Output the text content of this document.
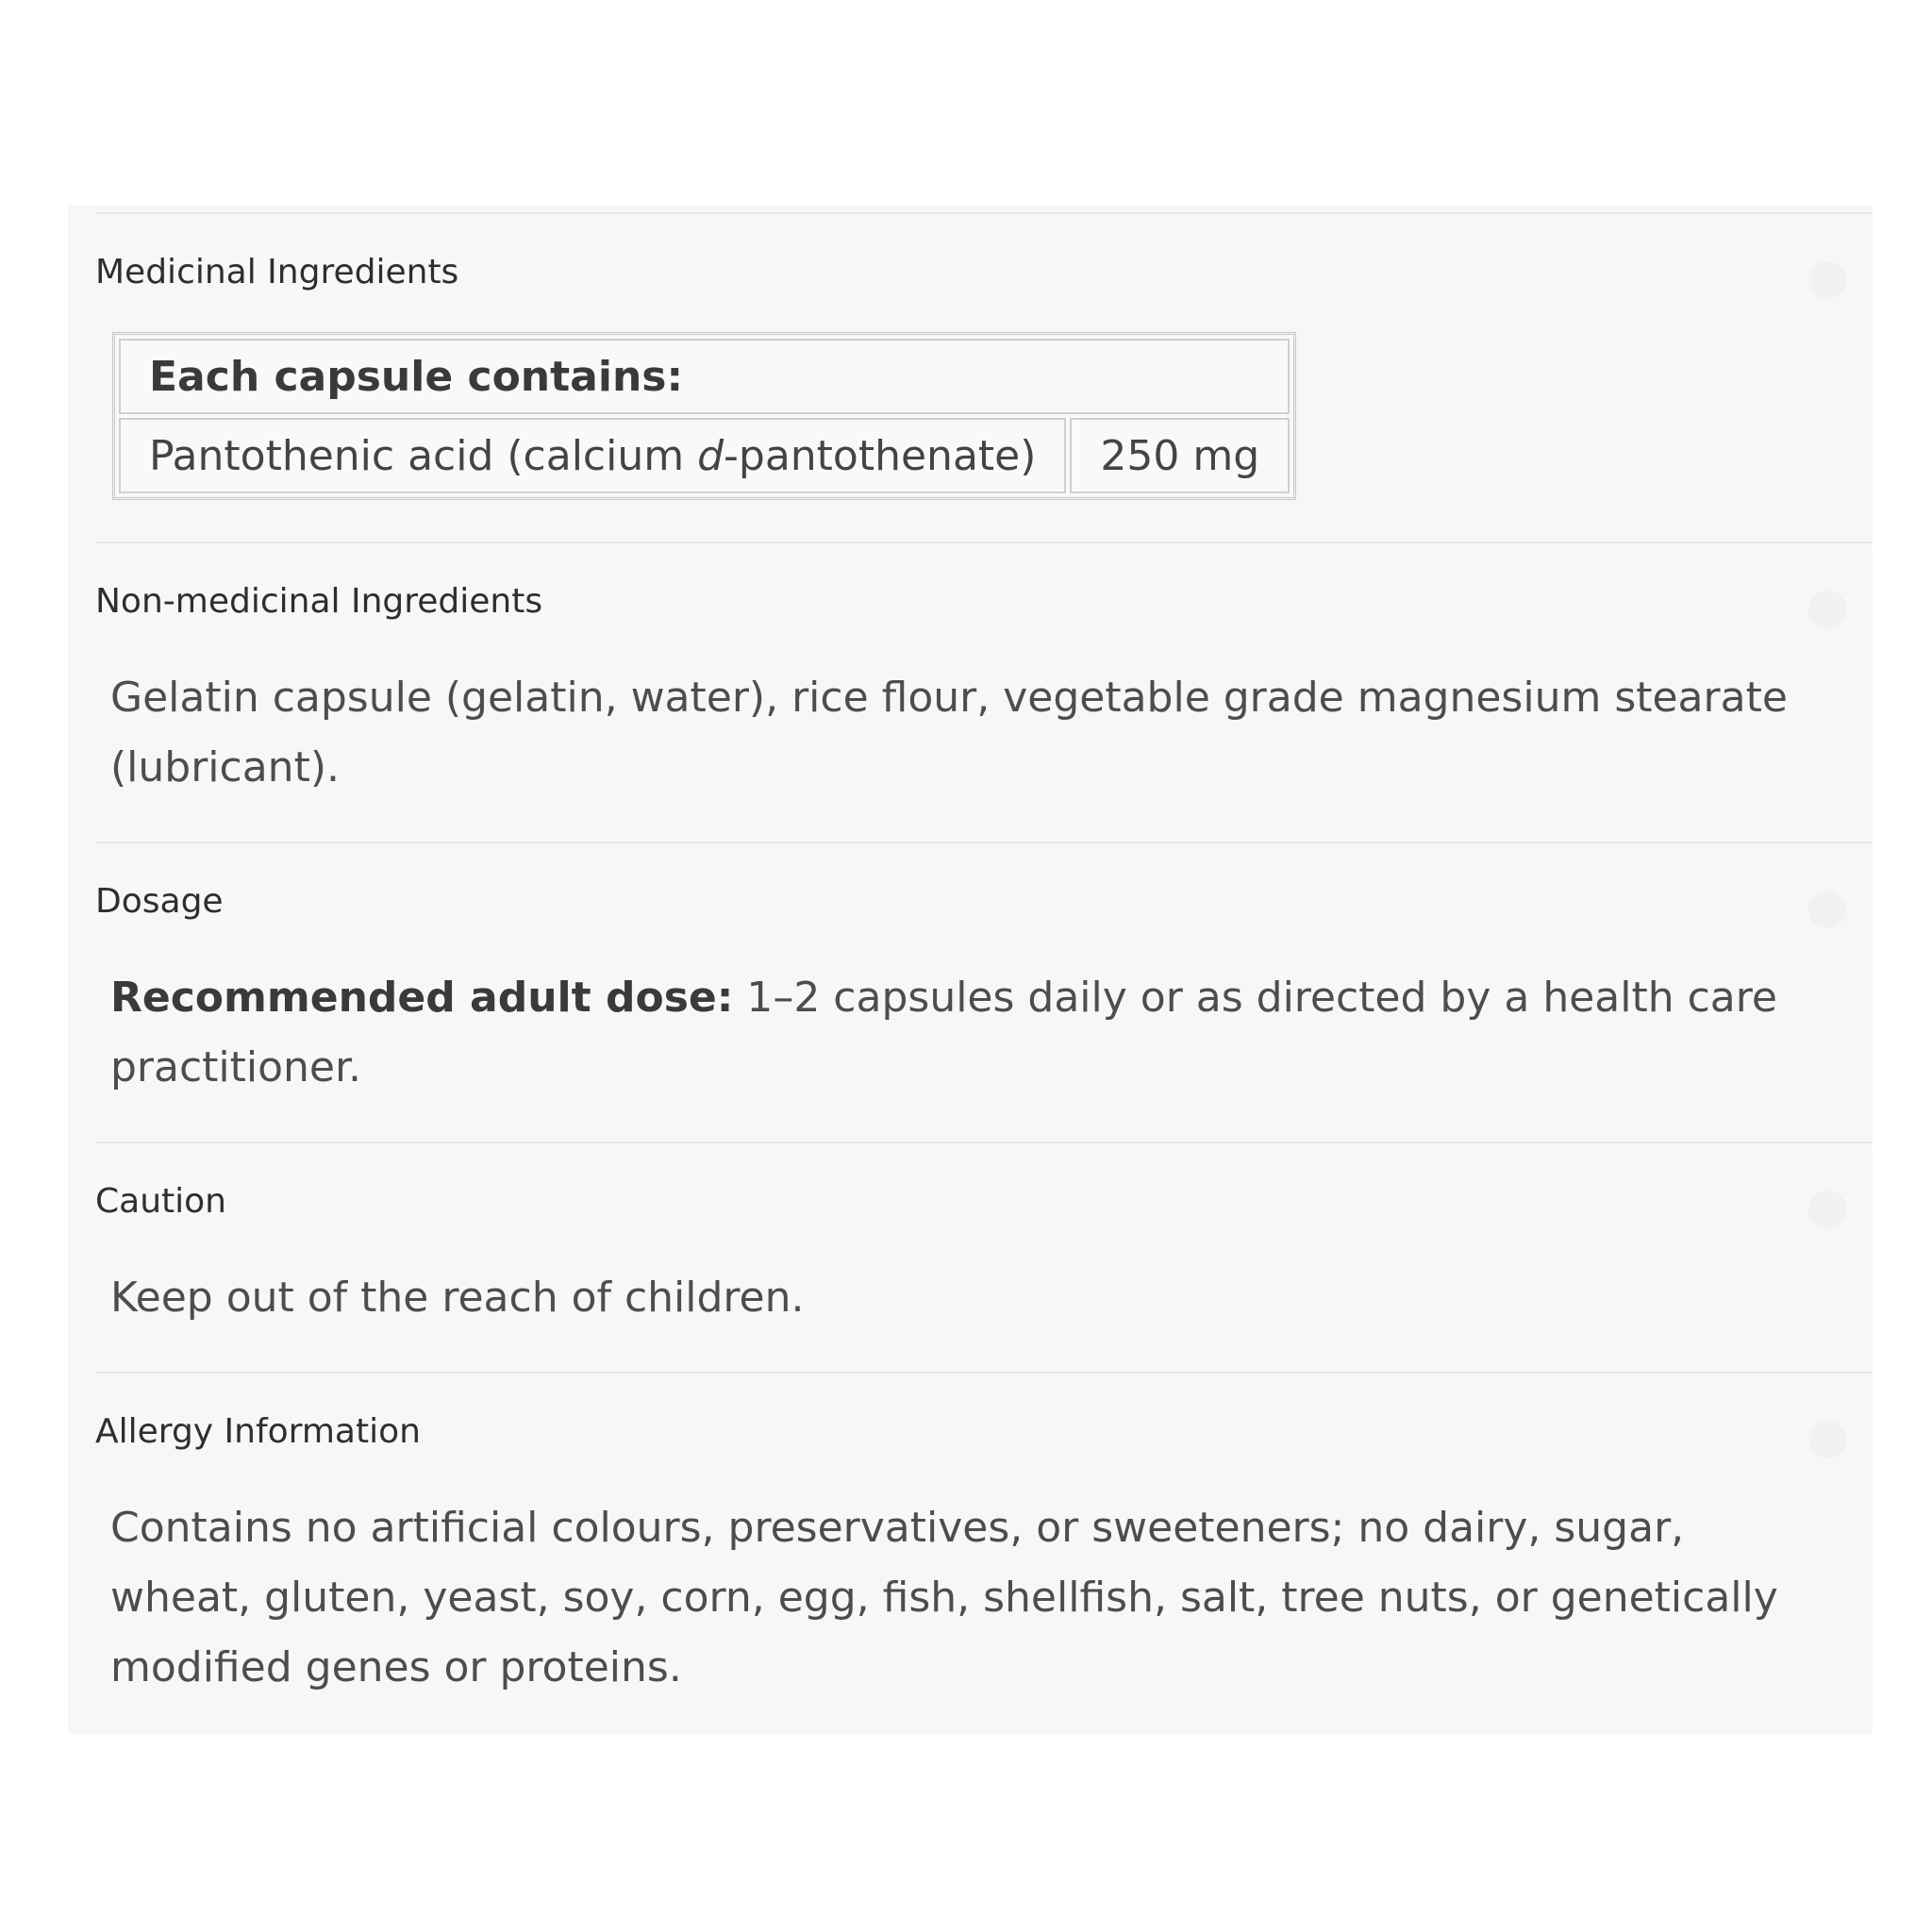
Medicinal Ingredients
Each capsule contains:
Pantothenic acid (calcium d-pantothenate)	250 mg
Non-medicinal Ingredients
Gelatin capsule (gelatin, water), rice flour, vegetable grade magnesium stearate (lubricant).
Dosage
Recommended adult dose: 1–2 capsules daily or as directed by a health care practitioner.
Caution
Keep out of the reach of children.
Allergy Information
Contains no artificial colours, preservatives, or sweeteners; no dairy, sugar, wheat, gluten, yeast, soy, corn, egg, fish, shellfish, salt, tree nuts, or genetically modified genes or proteins.
